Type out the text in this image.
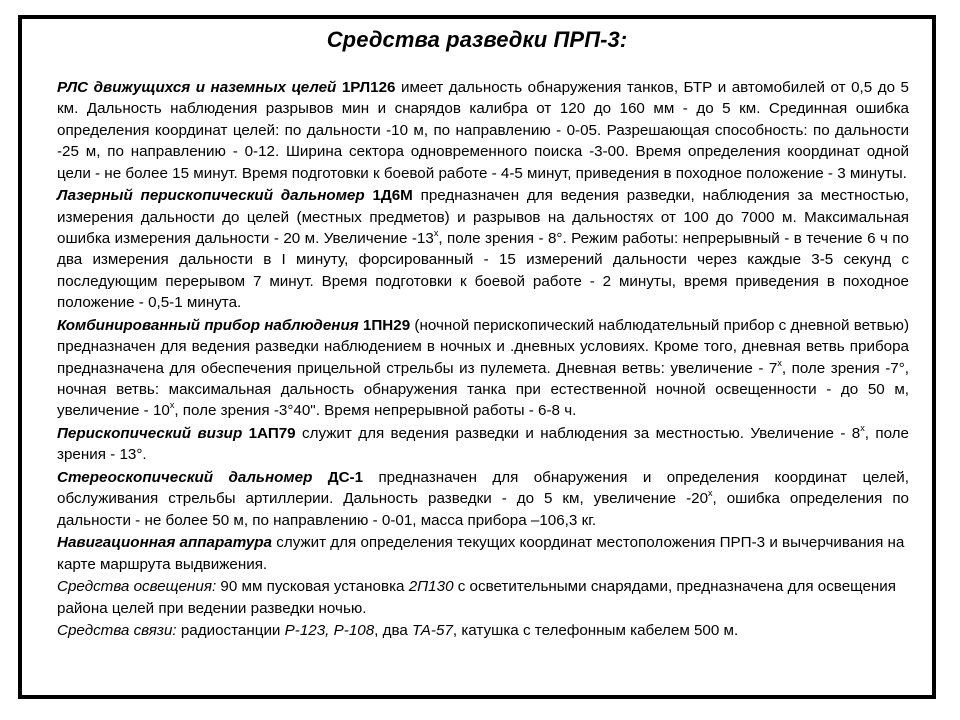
Средства разведки ПРП-3:

РЛС движущихся и наземных целей 1РЛ126 имеет дальность обнаружения танков, БТР и автомобилей от 0,5 до 5 км. Дальность наблюдения разрывов мин и снарядов калибра от 120 до 160 мм - до 5 км. Срединная ошибка определения координат целей: по дальности -10 м, по направлению - 0-05. Разрешающая способность: по дальности -25 м, по направлению - 0-12. Ширина сектора одновременного поиска -3-00. Время определения координат одной цели - не более 15 минут. Время подготовки к боевой работе - 4-5 минут, приведения в походное положение - 3 минуты.

Лазерный перископический дальномер 1Д6М предназначен для ведения разведки, наблюдения за местностью, измерения дальности до целей (местных предметов) и разрывов на дальностях от 100 до 7000 м. Максимальная ошибка измерения дальности - 20 м. Увеличение $-13^х$, поле зрения - 8°. Режим работы: непрерывный - в течение 6 ч по два измерения дальности в I минуту, форсированный - 15 измерений дальности через каждые 3-5 секунд с последующим перерывом 7 минут. Время подготовки к боевой работе - 2 минуты, время приведения в походное положение - 0,5-1 минута.

Комбинированный прибор наблюдения 1ПН29 (ночной перископический наблюдательный прибор с дневной ветвью) предназначен для ведения разведки наблюдением в ночных и .дневных условиях. Кроме того, дневная ветвь прибора предназначена для обеспечения прицельной стрельбы из пулемета. Дневная ветвь: увеличение - $7^х$, поле зрения -7°, ночная ветвь: максимальная дальность обнаружения танка при естественной ночной освещенности - до 50 м, увеличение - $10^х$, поле зрения -3°40". Время непрерывной работы - 6-8 ч.

Перископический визир 1АП79 служит для ведения разведки и наблюдения за местностью. Увеличение - $8^х$, поле зрения - 13°.

Стереоскопический дальномер ДС-1 предназначен для обнаружения и определения координат целей, обслуживания стрельбы артиллерии. Дальность разведки - до 5 км, увеличение $-20^х$, ошибка определения по дальности - не более 50 м, по направлению - 0-01, масса прибора –106,3 кг.

Навигационная аппаратура служит для определения текущих координат местоположения ПРП-3 и вычерчивания на карте маршрута выдвижения.

Средства освещения: 90 мм пусковая установка 2П130 с осветительными снарядами, предназначена для освещения района целей при ведении разведки ночью.

Средства связи: радиостанции Р-123, Р-108, два ТА-57, катушка с телефонным кабелем 500 м.
